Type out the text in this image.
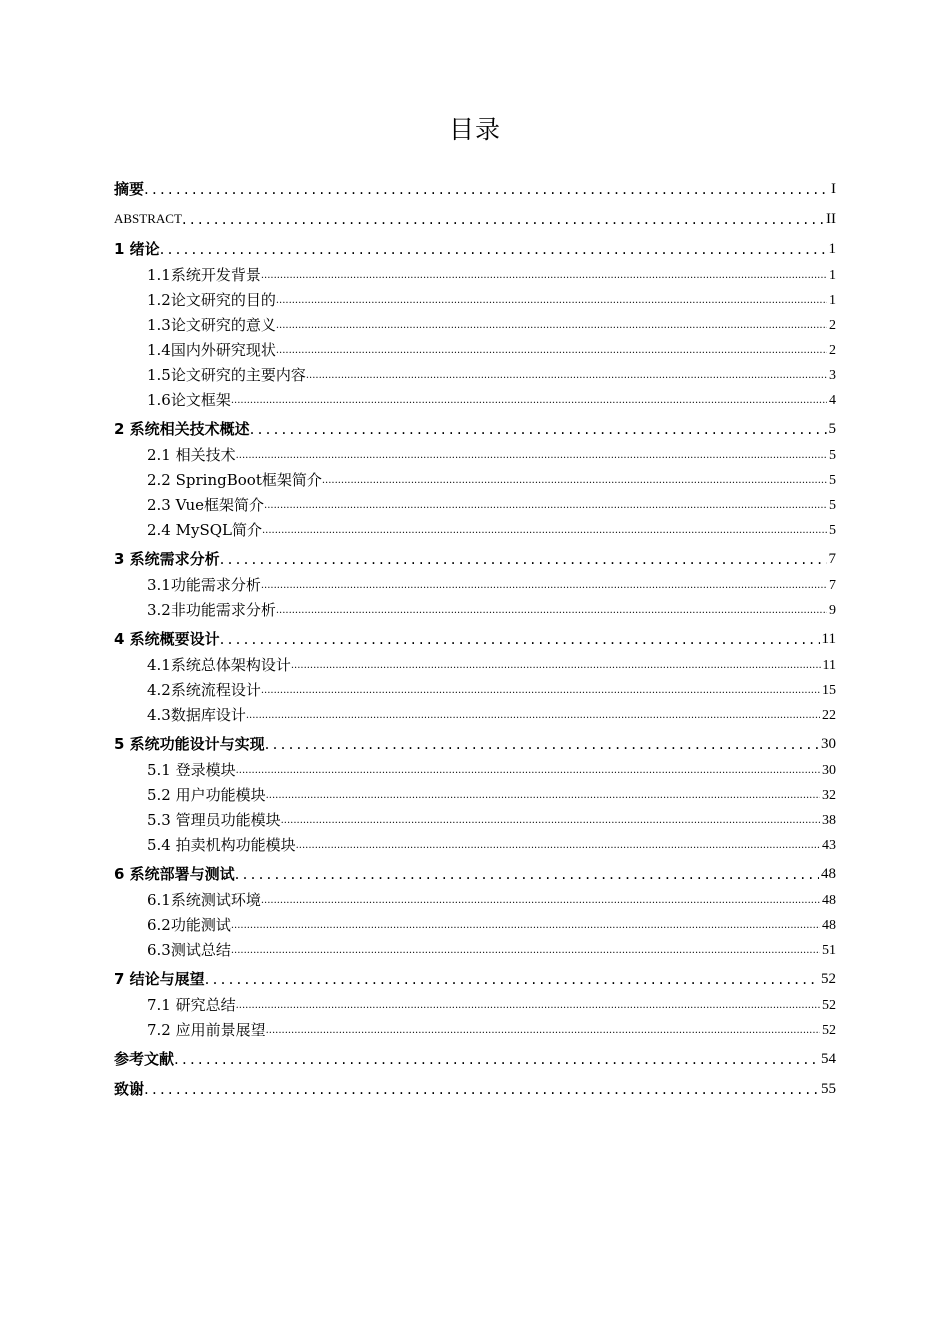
目录
摘要 .....	I
ABSTRACT .....	II
1 绪论 .....	1
1.1系统开发背景 .....	1
1.2论文研究的目的 .....	1
1.3论文研究的意义 .....	2
1.4国内外研究现状 .....	2
1.5论文研究的主要内容 .....	3
1.6论文框架 .....	4
2 系统相关技术概述 .....	5
2.1 相关技术 .....	5
2.2 SpringBoot框架简介 .....	5
2.3 Vue框架简介 .....	5
2.4 MySQL简介 .....	5
3 系统需求分析 .....	7
3.1功能需求分析 .....	7
3.2非功能需求分析 .....	9
4 系统概要设计 .....	11
4.1系统总体架构设计 .....	11
4.2系统流程设计 .....	15
4.3数据库设计 .....	22
5 系统功能设计与实现 .....	30
5.1 登录模块 .....	30
5.2 用户功能模块 .....	32
5.3 管理员功能模块 .....	38
5.4 拍卖机构功能模块 .....	43
6 系统部署与测试 .....	48
6.1系统测试环境 .....	48
6.2功能测试 .....	48
6.3测试总结 .....	51
7 结论与展望 .....	52
7.1 研究总结 .....	52
7.2 应用前景展望 .....	52
参考文献 .....	54
致谢 .....	55
